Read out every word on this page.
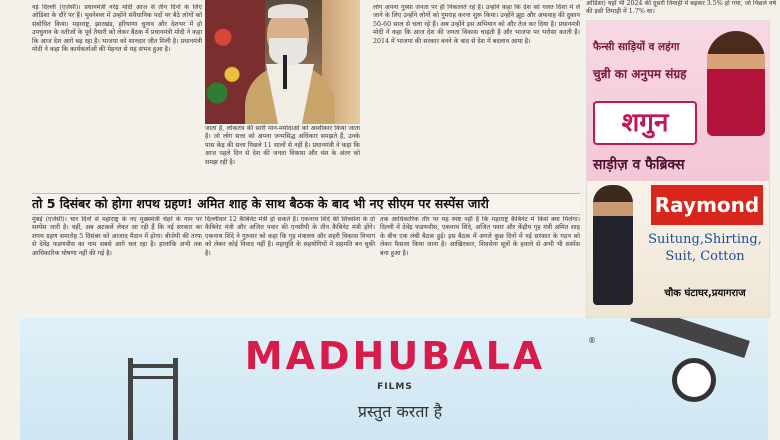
नई दिल्ली (एजेंसी)। प्रधानमंत्री नरेंद्र मोदी आज से तीन दिनों के लिए ओडिशा के दौरे पर हैं। भुवनेश्वर में उन्होंने संवैधानिक पदों पर बैठे लोगों को संबोधित किया। महाराष्ट्र, झारखंड, हरियाणा चुनाव और देशभर में हो उपचुनाव के नतीजों के पूर्व तैयारी को लेकर बैठक में प्रधानमंत्री मोदी ने कहा कि आज देश आगे बढ़ रहा है। भाजपा को शानदार जीत मिली है। प्रधानमंत्री मोदी ने कहा कि कार्यकर्ताओं की मेहनत से यह संभव हुआ है।
जाता है, लोकतंत्र की सारी मान-मर्यादाओं को अस्वीकार किया जाता है। जो लोग सत्ता को अपना जन्मसिद्ध अधिकार समझते हैं, उनके पास केंद्र की सत्ता पिछले 11 सालों से नहीं है। प्रधानमंत्री ने कहा कि आज पहले दिन से देश की जनता विकास और वंश के अंतर को समझ रही है।
लोग अपना गुस्सा जनता पर ही निकालते रहे हैं। उन्होंने कहा कि देश को गलत दिशा में ले जाने के लिए उन्होंने लोगों को गुमराह करना शुरू किया। उन्होंने झूठ और अफवाह की दुकान 50-60 साल से चला रहे हैं। अब उन्होंने इस अभियान को और तेज कर दिया है। प्रधानमंत्री मोदी ने कहा कि आज देश की जनता विकास चाहती है और भाजपा पर भरोसा करती है। 2014 में भाजपा की सरकार बनने के बाद से देश में बदलाव आया है।
ओडिशा) यहाँ भी 2024 की दूसरी तिमाही में बढ़कर 3.5% हो गया, जो पिछले वर्ष की इसी तिमाही में 1.7% था।
तो 5 दिसंबर को होगा शपथ ग्रहण! अमित शाह के साथ बैठक के बाद भी नए सीएम पर सस्पेंस जारी
मुंबई (एजेंसी)। चार दिनों से महाराष्ट्र के नए मुख्यमंत्री चेहरे के नाम पर सस्पेंस जारी है। वहीं, अब अटकलें लेकर आ रही हैं कि नई सरकार का शपथ ग्रहण समारोह 5 दिसंबर को आजाद मैदान में होगा। बीजेपी की तरफ से देवेंद्र फडणवीस का नाम सबसे आगे चल रहा है। हालांकि अभी तक आधिकारिक घोषणा नहीं की गई है।
दिल्लीवार 12 कैबिनेट मंत्री हो सकते हैं। एकनाथ शिंदे की शिवसेना के दो कैबिनेट मंत्री और अजित पवार की एनसीपी के तीन कैबिनेट मंत्री होंगे। एकनाथ शिंदे ने गुरुवार को कहा कि गृह मंत्रालय और शहरी विकास विभाग को लेकर कोई विवाद नहीं है। महायुति के सहयोगियों में सहमति बन चुकी है।
तक आधिकारिक तौर पर यह स्पष्ट नहीं है कि महाराष्ट्र कैबिनेट में किसे क्या मिलेगा। दिल्ली में देवेंद्र फडणवीस, एकनाथ शिंदे, अजित पवार और केंद्रीय गृह मंत्री अमित शाह के बीच एक लंबी बैठक हुई। इस बैठक में अगले कुछ दिनों में नई सरकार के गठन को लेकर फैसला किया जाना है। आखिरकार, शिवसेना सूत्रों के हवाले से अभी भी सस्पेंस बना हुआ है।
फैन्सी साड़ियों व लहंगा
चुन्नी का अनुपम संग्रह
शगुन
साड़ीज़ व फैब्रिक्स
Raymond
Suitung,Shirting, Suit, Cotton
चौक घंटाघर,प्रयागराज
MADHUBALA	®
FILMS
प्रस्तुत करता है
